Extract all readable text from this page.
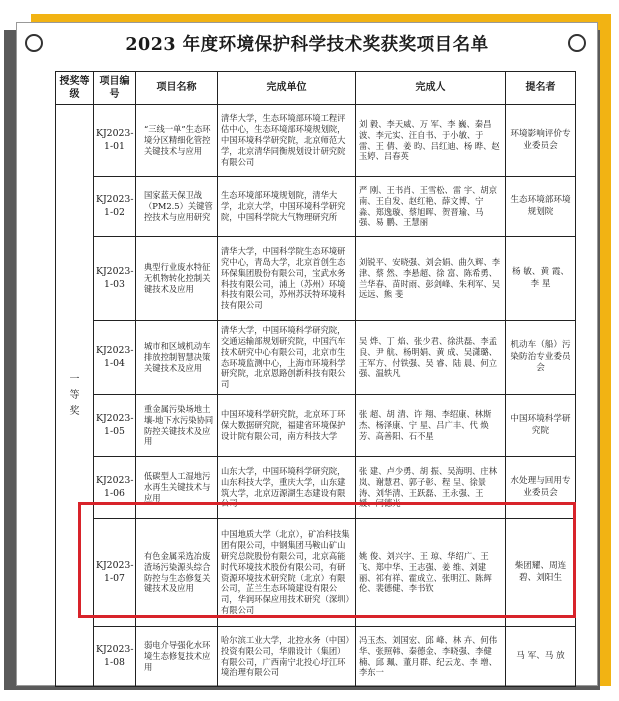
2023 年度环境保护科学技术奖获奖项目名单
授奖等级	项目编号	项目名称	完成单位	完成人	提名者
一等奖	KJ2023-1-01	“三线一单”生态环境分区精细化管控关键技术与应用	清华大学，生态环境部环境工程评估中心，生态环境部环境规划院，中国环境科学研究院，北京师范大学，北京清华同衡规划设计研究院有限公司	刘 毅、李天威、万 军、李 巍、秦昌波、李元实、汪自书、于小敏、于 雷、王 倩、姜 昀、吕红迪、杨 晔、赵玉婷、吕春英	环境影响评价专业委员会
	KJ2023-1-02	国家蓝天保卫战（PM2.5）关键管控技术与应用研究	生态环境部环境规划院，清华大学，北京大学，中国环境科学研究院，中国科学院大气物理研究所	严 刚、王书肖、王雪松、雷 宇、胡京南、王自发、赵红艳、薛文博、宁 淼、郑逸璇、蔡旭晖、贺晋瑜、马 强、易 鹏、王慧丽	生态环境部环境规划院
	KJ2023-1-03	典型行业废水特征无机物转化控制关键技术及应用	清华大学，中国科学院生态环境研究中心，青岛大学，北京首创生态环保集团股份有限公司，宝武水务科技有限公司，浦上（苏州）环境科技有限公司，苏州苏沃特环境科技有限公司	刘锐平、安晓强、刘会娟、曲久辉、李 津、蔡 然、李悬超、徐 富、陈希勇、兰华春、苗时雨、彭剑峰、朱利军、吴远远、熊 斐	杨 敏、黄 霞、李 星
	KJ2023-1-04	城市和区域机动车排放控制智慧决策关键技术及应用	清华大学，中国环境科学研究院，交通运输部规划研究院，中国汽车技术研究中心有限公司，北京市生态环境监测中心，上海市环境科学研究院，北京恩路创新科技有限公司	吴 烨、丁 焰、张少君、徐洪磊、李孟良、尹 航、杨明娟、黄 成、吴潇璐、王军方、付铁强、吴 睿、陆 晨、何立强、温轶凡	机动车（船）污染防治专业委员会
	KJ2023-1-05	重金属污染场地土壤-地下水污染协同防控关键技术及应用	中国环境科学研究院，北京环丁环保大数据研究院，福建省环境保护设计院有限公司，南方科技大学	张 超、胡 清、许 翔、李绍康、林斯杰、杨泽康、宁 星、吕广丰、代 焕芳、高善阳、石不星	中国环境科学研究院
	KJ2023-1-06	低碳型人工湿地污水再生关键技术与应用	山东大学，中国环境科学研究院，山东科技大学，重庆大学，山东建筑大学，北京迈源湖生态建设有限公司	张 建、卢少勇、胡 振、吴海明、庄林岚、谢慧君、郭子彰、程 呈、徐景涛、刘华清、王跃磊、王永强、王 媛、闫德光	水处理与回用专业委员会
	KJ2023-1-07	有色金属采选冶废渣场污染源头综合防控与生态修复关键技术及应用	中国地质大学（北京），矿冶科技集团有限公司，中钢集团马鞍山矿山研究总院股份有限公司，北京高能时代环境技术股份有限公司，有研资源环境技术研究院（北京）有限公司，芷兰生态环境建设有限公司，华润环保应用技术研究（深圳）有限公司	姚 俊、刘兴宇、王 琼、华绍广、王 飞、郑中华、王志强、姜 维、刘建丽、祁有祥、霍成立、张明江、陈辉伦、裴德健、李书钦	柴团耀、周连碧、刘阳生
	KJ2023-1-08	弱电介导强化水环境生态修复技术应用	哈尔滨工业大学，北控水务（中国）投资有限公司，华鼎设计（集团）有限公司，广西南宁北投心圩江环境治理有限公司	冯玉杰、刘国宏、邱 峰、林 卉、何伟华、张照韩、秦德金、李晓强、李健楠、邱 珮、董月群、纪云龙、李 增、李东一	马 军、马 放
